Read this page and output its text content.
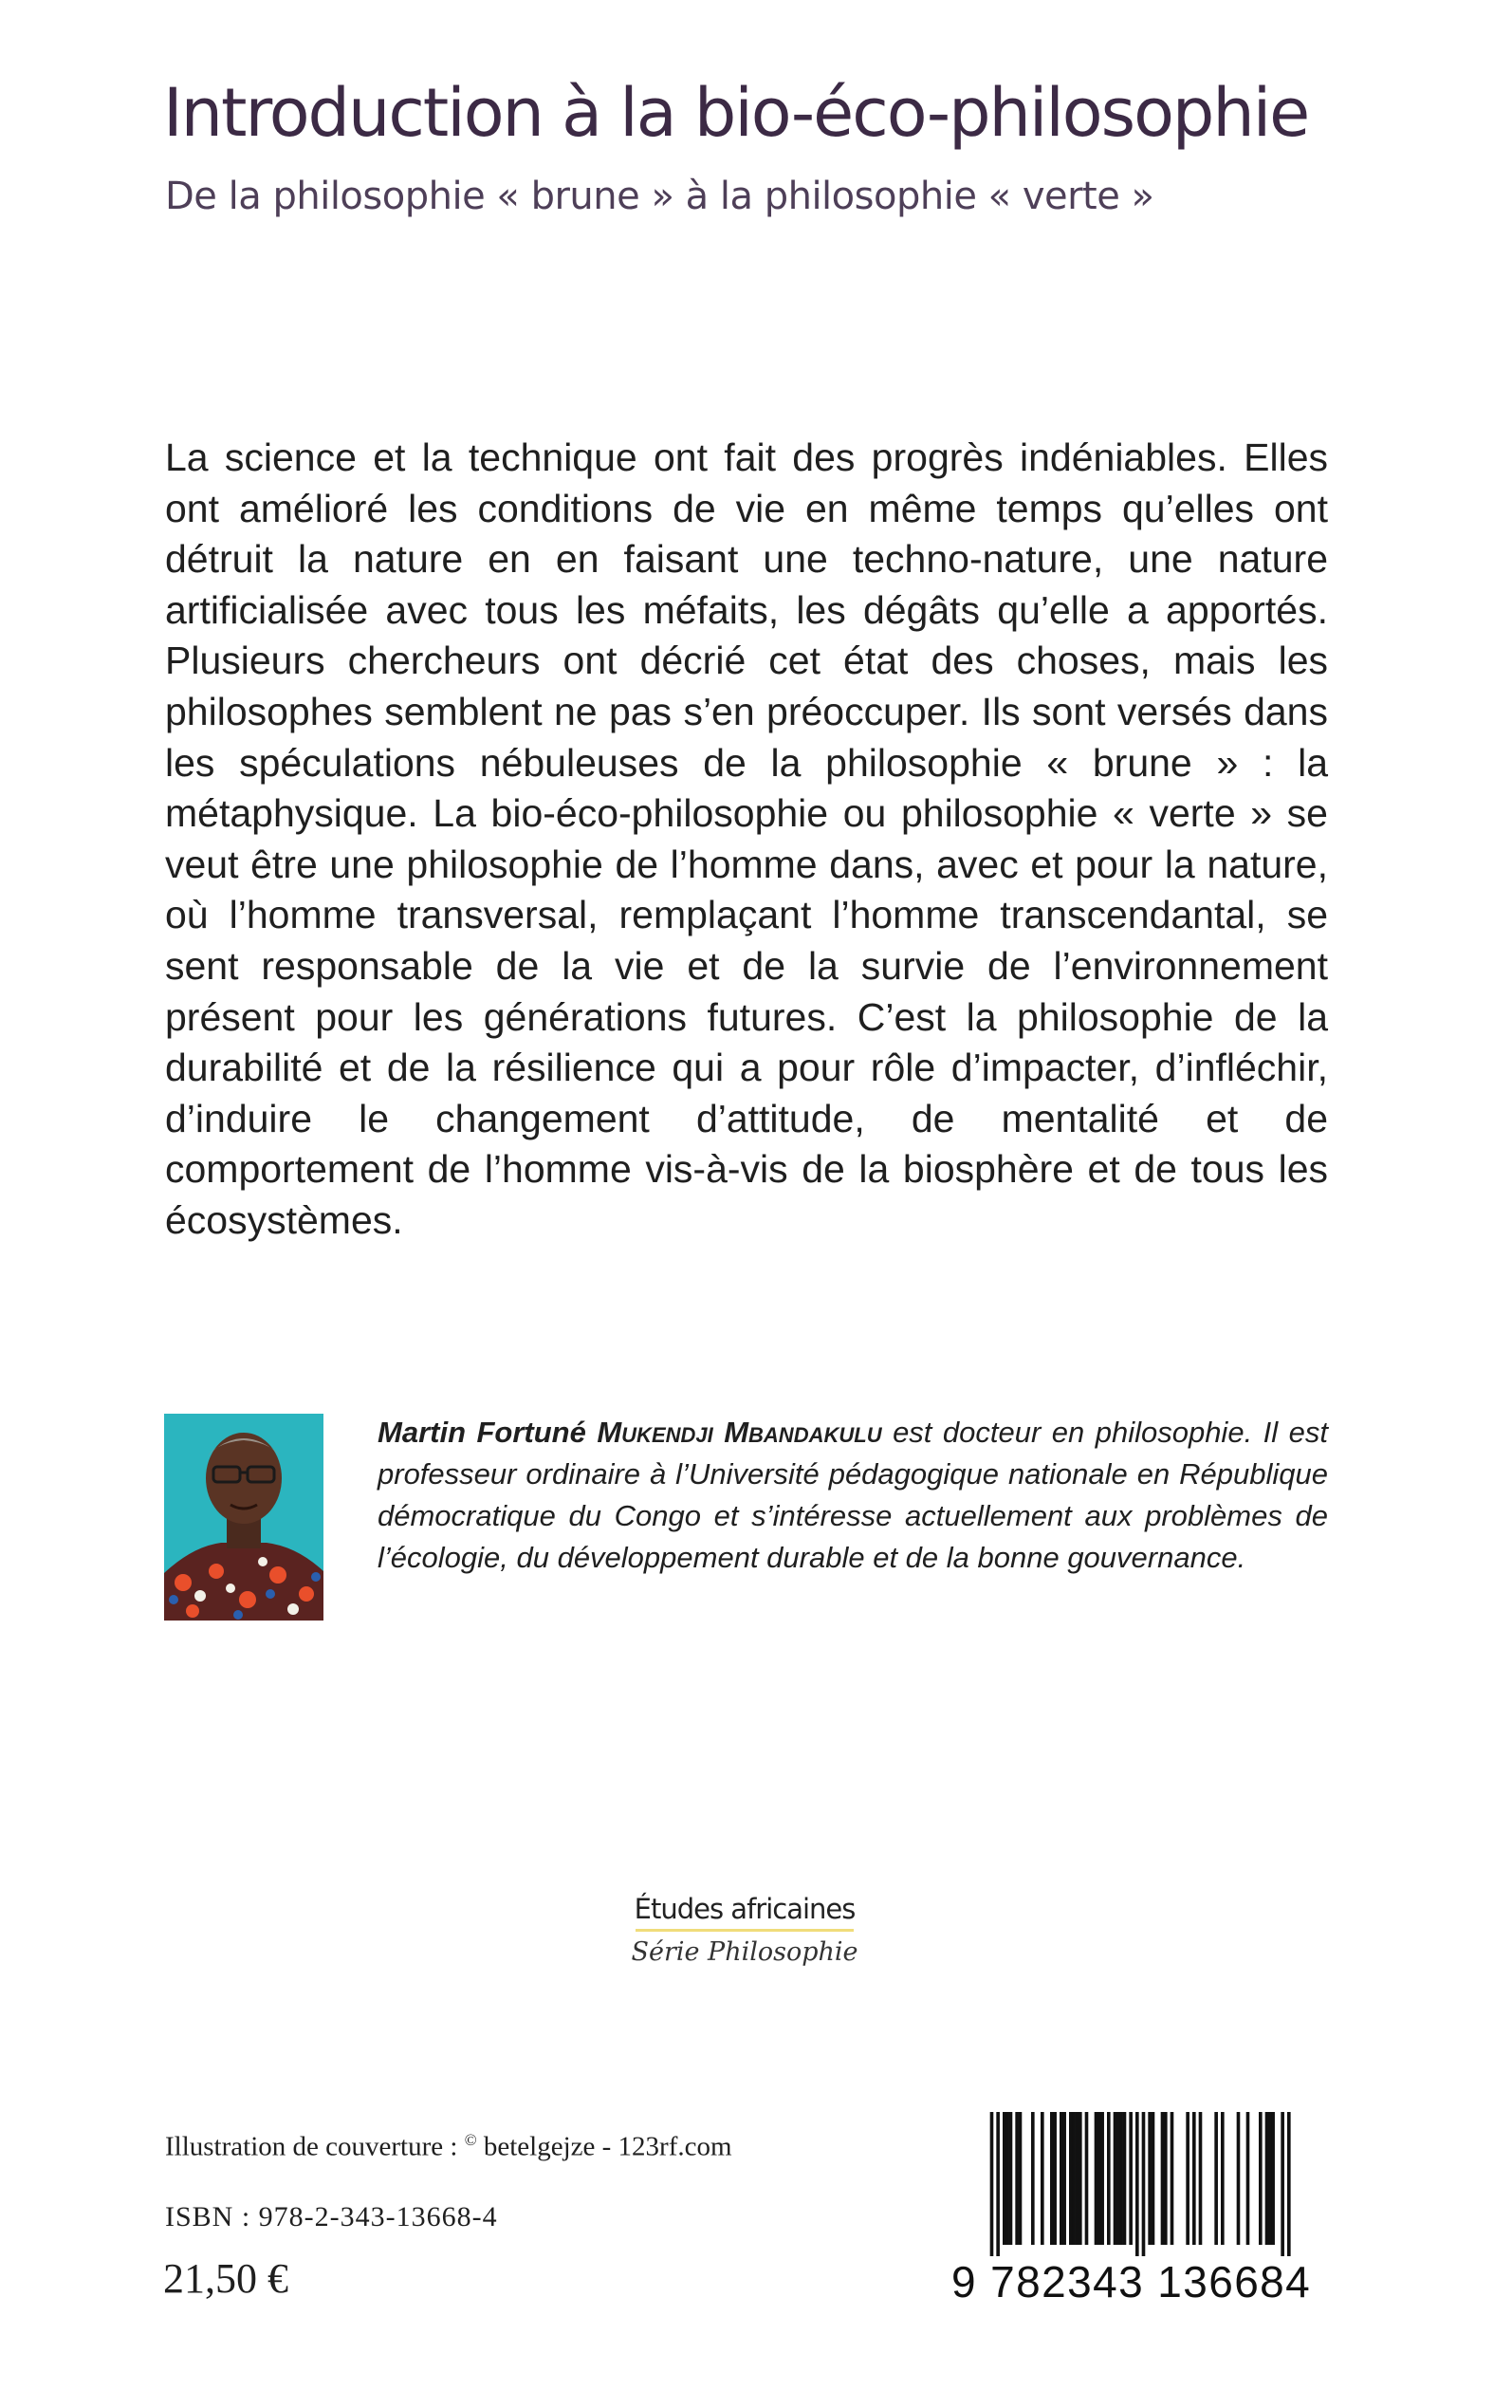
Introduction à la bio-éco-philosophie
De la philosophie « brune » à la philosophie « verte »

La science et la technique ont fait des progrès indéniables. Elles ont amélioré les conditions de vie en même temps qu’elles ont détruit la nature en en faisant une techno-nature, une nature artificialisée avec tous les méfaits, les dégâts qu’elle a apportés. Plusieurs chercheurs ont décrié cet état des choses, mais les philosophes semblent ne pas s’en préoccuper. Ils sont versés dans les spéculations nébuleuses de la philosophie « brune » : la métaphysique. La bio-éco-philosophie ou philosophie « verte » se veut être une philosophie de l’homme dans, avec et pour la nature, où l’homme transversal, remplaçant l’homme transcendantal, se sent responsable de la vie et de la survie de l’environnement présent pour les générations futures. C’est la philosophie de la durabilité et de la résilience qui a pour rôle d’impacter, d’infléchir, d’induire le changement d’attitude, de mentalité et de comportement de l’homme vis-à-vis de la biosphère et de tous les écosystèmes.

Martin Fortuné Mukendji Mbandakulu est docteur en philosophie. Il est professeur ordinaire à l’Université pédagogique nationale en République démocratique du Congo et s’intéresse actuellement aux problèmes de l’écologie, du développement durable et de la bonne gouvernance.

Études africaines
Série Philosophie
Illustration de couverture : © betelgejze - 123rf.com
ISBN : 978-2-343-13668-4
21,50 €	9 782343 136684
